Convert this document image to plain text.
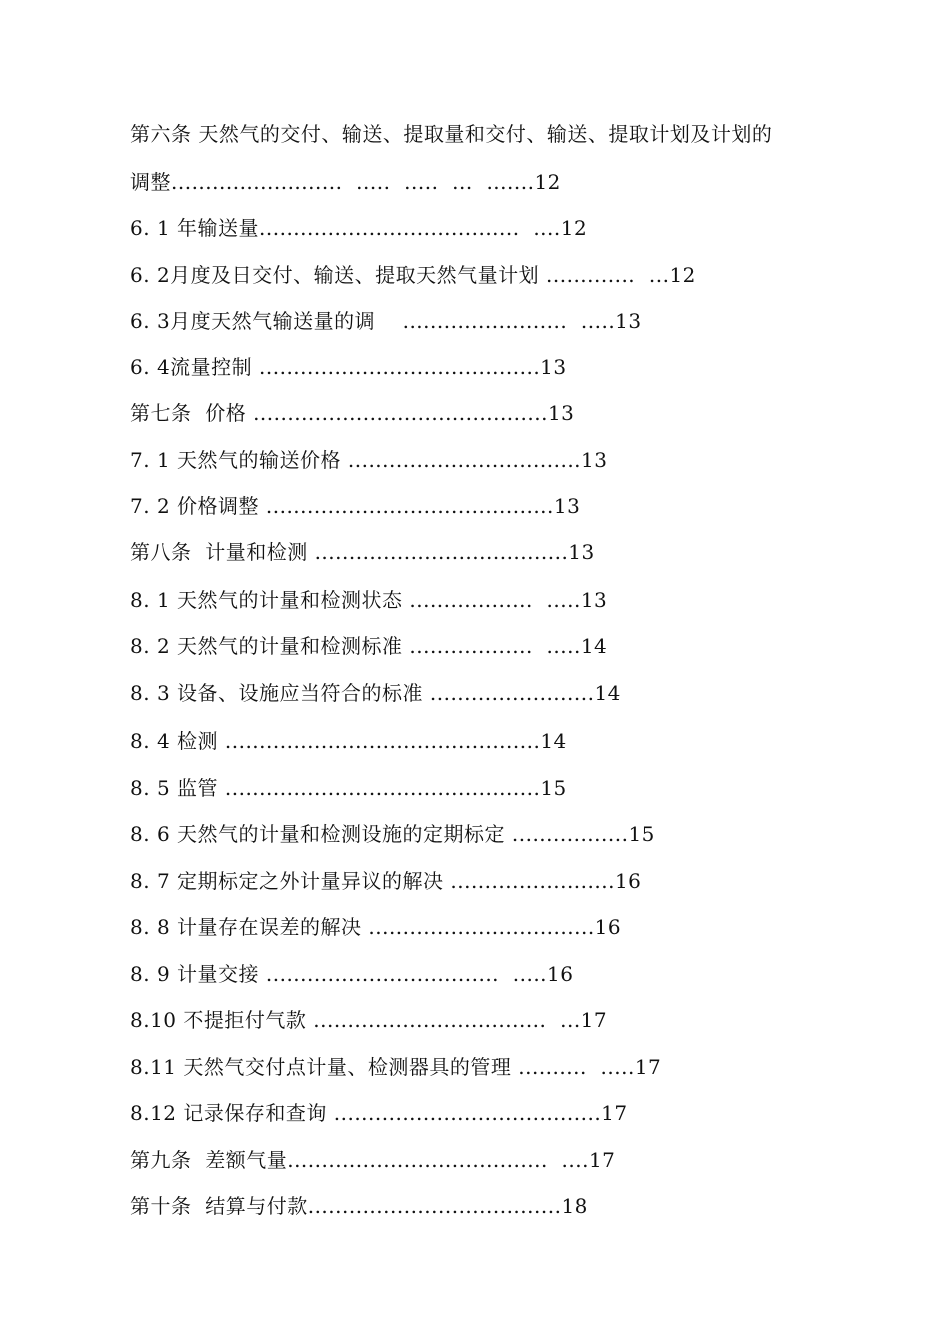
第六条 天然气的交付、输送、提取量和交付、输送、提取计划及计划的
调整.........................  .....  .....  ...  .......12
6. 1 年输送量......................................  ....12
6. 2月度及日交付、输送、提取天然气量计划 .............  ...12
6. 3月度天然气输送量的调    ........................  .....13
6. 4流量控制 .........................................13
第七条  价格 ...........................................13
7. 1 天然气的输送价格 ..................................13
7. 2 价格调整 ..........................................13
第八条  计量和检测 .....................................13
8. 1 天然气的计量和检测状态 ..................  .....13
8. 2 天然气的计量和检测标准 ..................  .....14
8. 3 设备、设施应当符合的标准 ........................14
8. 4 检测 ..............................................14
8. 5 监管 ..............................................15
8. 6 天然气的计量和检测设施的定期标定 .................15
8. 7 定期标定之外计量异议的解决 ........................16
8. 8 计量存在误差的解决 .................................16
8. 9 计量交接 ..................................  .....16
8.10 不提拒付气款 ..................................  ...17
8.11 天然气交付点计量、检测器具的管理 ..........  .....17
8.12 记录保存和查询 .......................................17
第九条  差额气量......................................  ....17
第十条  结算与付款.....................................18
